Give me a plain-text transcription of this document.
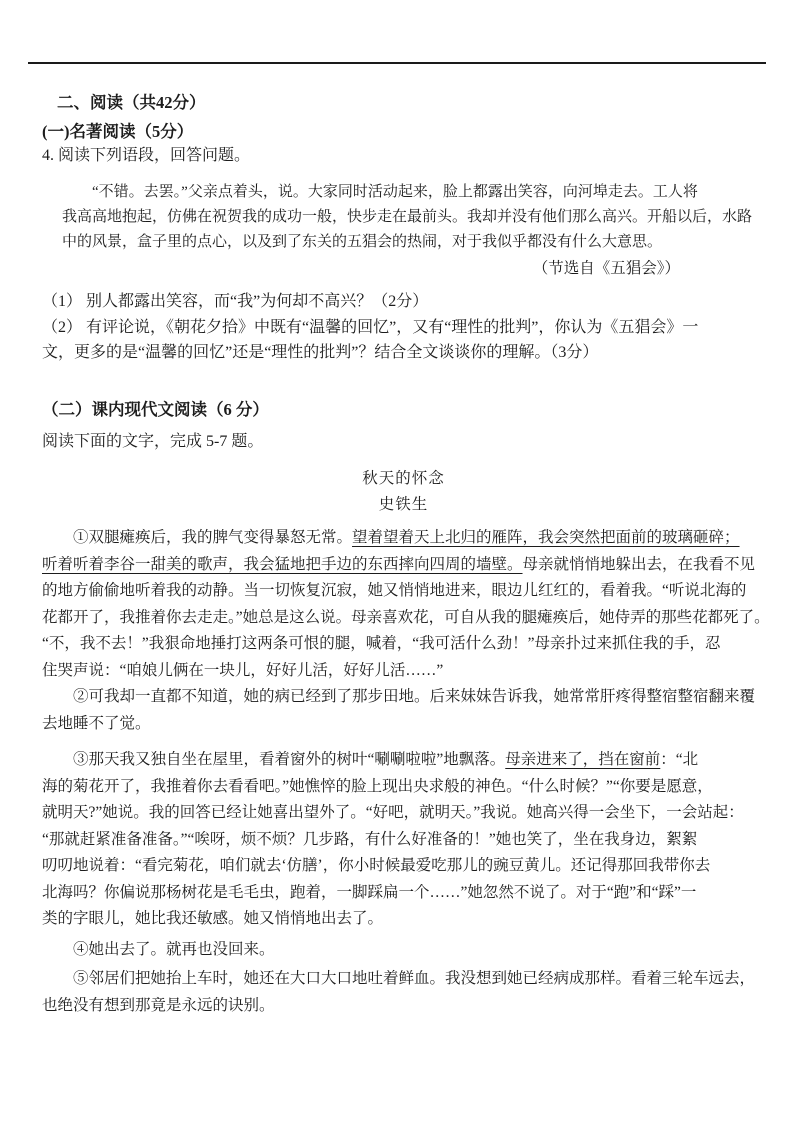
二、阅读（共42分）
(一)名著阅读（5分）
4. 阅读下列语段，回答问题。
　　“不错。去罢。”父亲点着头，说。大家同时活动起来，脸上都露出笑容，向河埠走去。工人将
我高高地抱起，仿佛在祝贺我的成功一般，快步走在最前头。我却并没有他们那么高兴。开船以后，水路
中的风景，盒子里的点心，以及到了东关的五猖会的热闹，对于我似乎都没有什么大意思。
（节选自《五猖会》）
（1） 别人都露出笑容，而“我”为何却不高兴？（2分）
（2） 有评论说，《朝花夕拾》中既有“温馨的回忆”，又有“理性的批判”，你认为《五猖会》一
文，更多的是“温馨的回忆”还是“理性的批判”？结合全文谈谈你的理解。（3分）
（二）课内现代文阅读（6 分）
阅读下面的文字，完成 5-7 题。
秋天的怀念
史铁生
　　①双腿瘫痪后，我的脾气变得暴怒无常。望着望着天上北归的雁阵，我会突然把面前的玻璃砸碎；
听着听着李谷一甜美的歌声，我会猛地把手边的东西摔向四周的墙壁。母亲就悄悄地躲出去，在我看不见
的地方偷偷地听着我的动静。当一切恢复沉寂，她又悄悄地进来，眼边儿红红的，看着我。“听说北海的
花都开了，我推着你去走走。”她总是这么说。母亲喜欢花，可自从我的腿瘫痪后，她侍弄的那些花都死了。
“不，我不去！”我狠命地捶打这两条可恨的腿，喊着，“我可活什么劲！”母亲扑过来抓住我的手，忍
住哭声说：“咱娘儿俩在一块儿，好好儿活，好好儿活……”
　　②可我却一直都不知道，她的病已经到了那步田地。后来妹妹告诉我，她常常肝疼得整宿整宿翻来覆
去地睡不了觉。
　　③那天我又独自坐在屋里，看着窗外的树叶“唰唰啦啦”地飘落。母亲进来了，挡在窗前：“北
海的菊花开了，我推着你去看看吧。”她憔悴的脸上现出央求般的神色。“什么时候？”“你要是愿意，
就明天?”她说。我的回答已经让她喜出望外了。“好吧，就明天。”我说。她高兴得一会坐下，一会站起：
“那就赶紧准备准备。”“唉呀，烦不烦？几步路，有什么好准备的！”她也笑了，坐在我身边，絮絮
叨叨地说着：“看完菊花，咱们就去‘仿膳’，你小时候最爱吃那儿的豌豆黄儿。还记得那回我带你去
北海吗？你偏说那杨树花是毛毛虫，跑着，一脚踩扁一个……”她忽然不说了。对于“跑”和“踩”一
类的字眼儿，她比我还敏感。她又悄悄地出去了。
　　④她出去了。就再也没回来。
　　⑤邻居们把她抬上车时，她还在大口大口地吐着鲜血。我没想到她已经病成那样。看着三轮车远去，
也绝没有想到那竟是永远的诀别。
